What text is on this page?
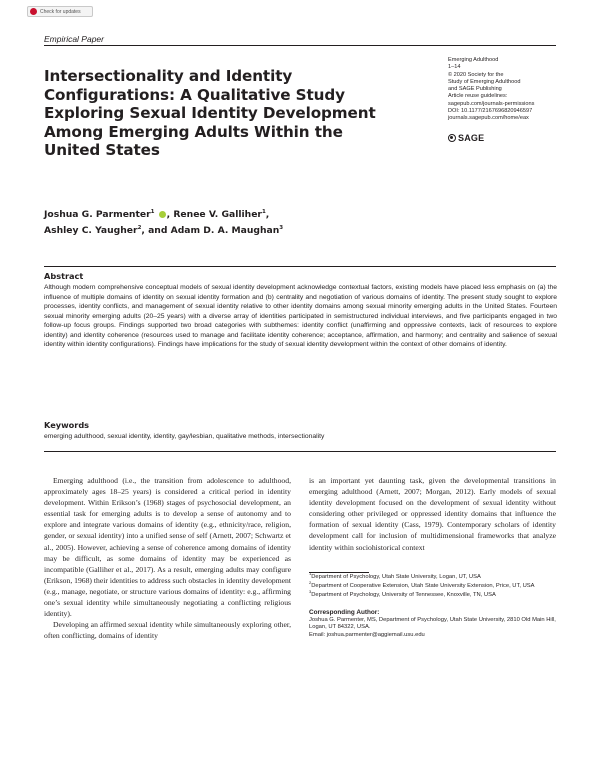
Check for updates
Empirical Paper
Intersectionality and Identity Configurations: A Qualitative Study Exploring Sexual Identity Development Among Emerging Adults Within the United States
Emerging Adulthood
1–14
© 2020 Society for the
Study of Emerging Adulthood
and SAGE Publishing
Article reuse guidelines:
sagepub.com/journals-permissions
DOI: 10.1177/2167696820946597
journals.sagepub.com/home/eax
SAGE
Joshua G. Parmenter$^1$ , Renee V. Galliher$^1$,
Ashley C. Yaugher$^2$, and Adam D. A. Maughan$^3$
Abstract

Although modern comprehensive conceptual models of sexual identity development acknowledge contextual factors, existing models have placed less emphasis on (a) the influence of multiple domains of identity on sexual identity formation and (b) centrality and negotiation of various domains of identity. The present study sought to explore processes, identity conflicts, and management of sexual identity relative to other identity domains among sexual minority emerging adults in the United States. Fourteen sexual minority emerging adults (20–25 years) with a diverse array of identities participated in semistructured individual interviews, and five participants engaged in two follow-up focus groups. Findings supported two broad categories with subthemes: identity conflict (unaffirming and oppressive contexts, lack of resources to explore identity) and identity coherence (resources used to manage and facilitate identity coherence; acceptance, affirmation, and harmony; and centrality and salience of sexual identity within identity configurations). Findings have implications for the study of sexual identity development within the context of other domains of identity.

Keywords

emerging adulthood, sexual identity, identity, gay/lesbian, qualitative methods, intersectionality

Emerging adulthood (i.e., the transition from adolescence to adulthood, approximately ages 18–25 years) is considered a critical period in identity development. Within Erikson’s (1968) stages of psychosocial development, an essential task for emerging adults is to develop a sense of autonomy and to explore and integrate various domains of identity (e.g., ethnicity/race, religion, gender, or sexual identity) into a unified sense of self (Arnett, 2007; Schwartz et al., 2005). However, achieving a sense of coherence among domains of identity may be difficult, as some domains of identity may be experienced as incompatible (Galliher et al., 2017). As a result, emerging adults may configure (Erikson, 1968) their identities to address such obstacles in identity development (e.g., manage, negotiate, or structure various domains of identity: e.g., affirming one’s sexual identity while simultaneously negotiating a conflicting religious identity).

Developing an affirmed sexual identity while simultaneously exploring other, often conflicting, domains of identity

is an important yet daunting task, given the developmental transitions in emerging adulthood (Arnett, 2007; Morgan, 2012). Early models of sexual identity development focused on the development of sexual identity without considering other privileged or oppressed identity domains that influence the formation of sexual identity (Cass, 1979). Contemporary scholars of identity development call for inclusion of multidimensional frameworks that analyze identity within sociohistorical context

$^1$Department of Psychology, Utah State University, Logan, UT, USA
$^2$Department of Cooperative Extension, Utah State University Extension, Price, UT, USA
$^3$Department of Psychology, University of Tennessee, Knoxville, TN, USA
Corresponding Author:
Joshua G. Parmenter, MS, Department of Psychology, Utah State University, 2810 Old Main Hill, Logan, UT 84322, USA.
Email: joshua.parmenter@aggiemail.usu.edu
